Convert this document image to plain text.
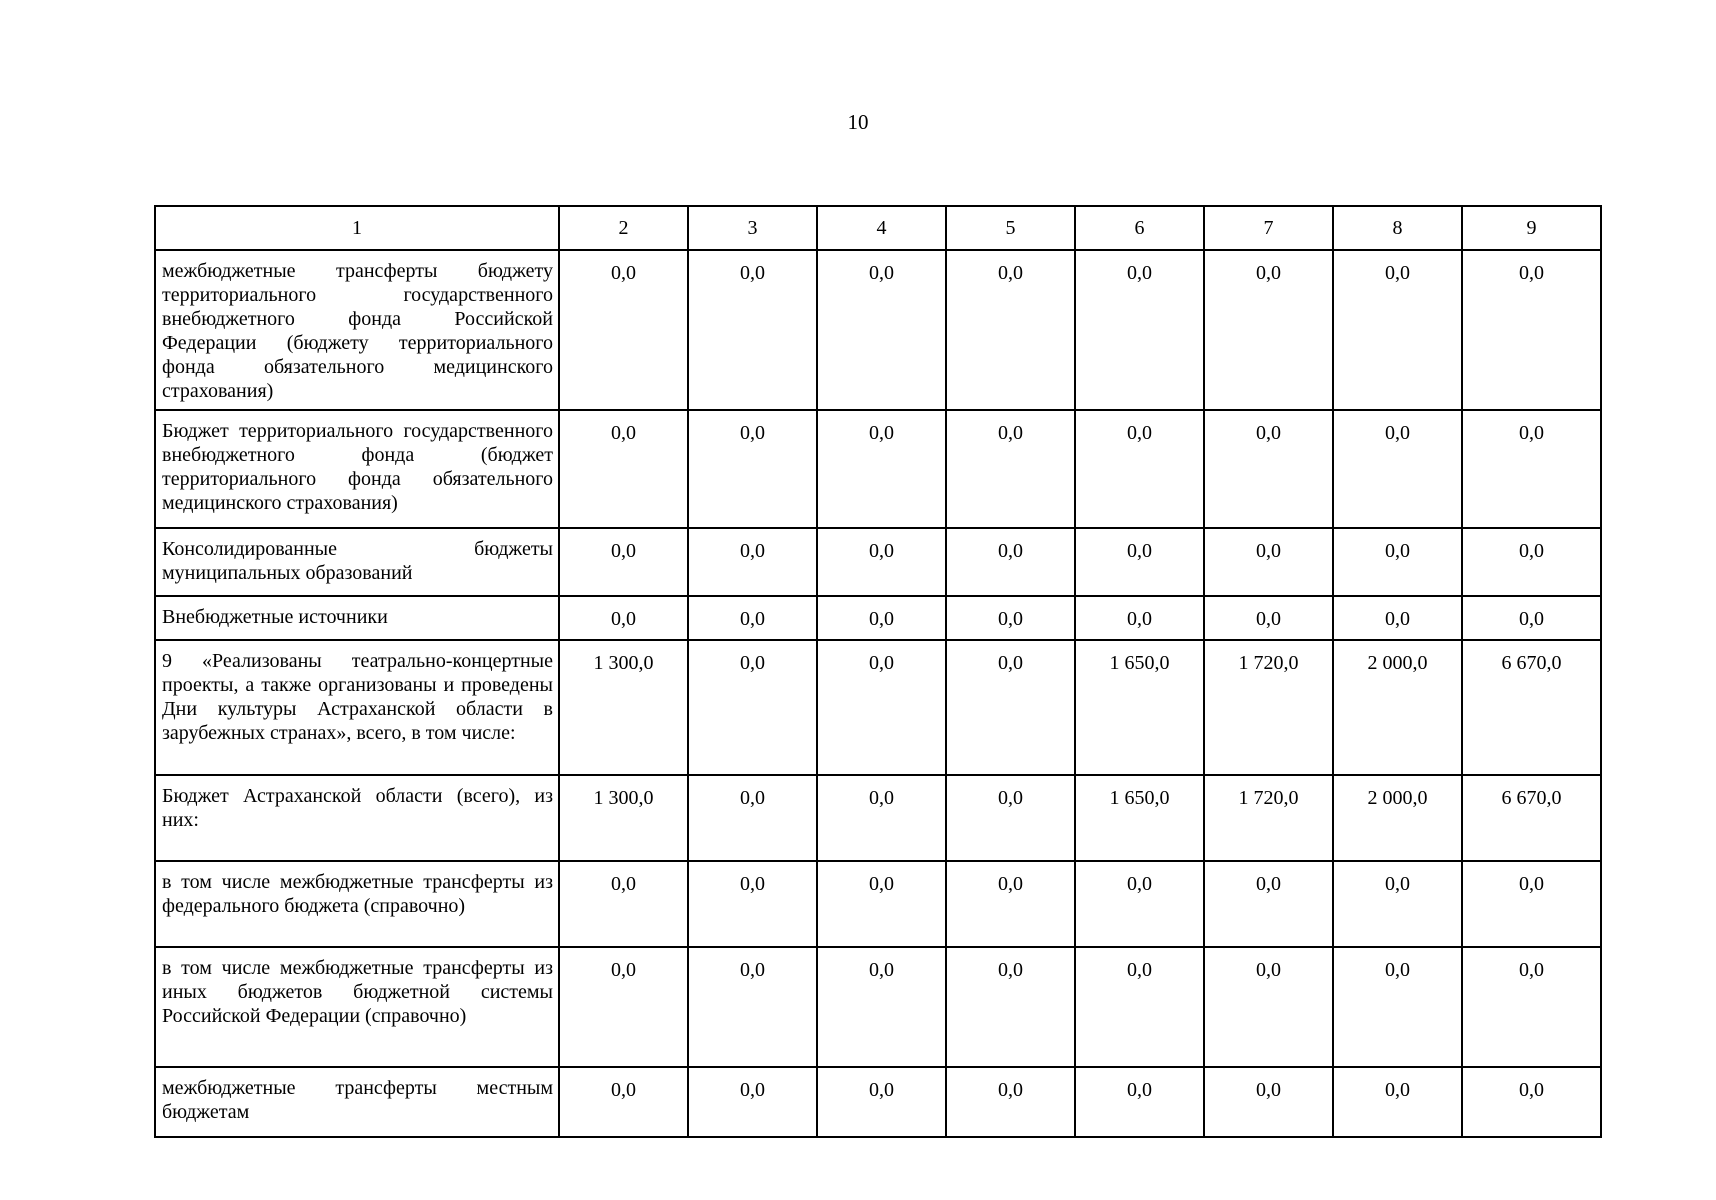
10
1	2	3	4	5	6	7	8	9
межбюджетные трансферты бюджету территориального государственного внебюджетного фонда Российской Федерации (бюджету территориального фонда обязательного медицинского страхования)	0,0	0,0	0,0	0,0	0,0	0,0	0,0	0,0
Бюджет территориального государственного внебюджетного фонда (бюджет территориального фонда обязательного медицинского страхования)	0,0	0,0	0,0	0,0	0,0	0,0	0,0	0,0
Консолидированные бюджеты муниципальных образований	0,0	0,0	0,0	0,0	0,0	0,0	0,0	0,0
Внебюджетные источники	0,0	0,0	0,0	0,0	0,0	0,0	0,0	0,0
9 «Реализованы театрально-концертные проекты, а также организованы и проведены Дни культуры Астраханской области в зарубежных странах», всего, в том числе:	1 300,0	0,0	0,0	0,0	1 650,0	1 720,0	2 000,0	6 670,0
Бюджет Астраханской области (всего), из них:	1 300,0	0,0	0,0	0,0	1 650,0	1 720,0	2 000,0	6 670,0
в том числе межбюджетные трансферты из федерального бюджета (справочно)	0,0	0,0	0,0	0,0	0,0	0,0	0,0	0,0
в том числе межбюджетные трансферты из иных бюджетов бюджетной системы Российской Федерации (справочно)	0,0	0,0	0,0	0,0	0,0	0,0	0,0	0,0
межбюджетные трансферты местным бюджетам	0,0	0,0	0,0	0,0	0,0	0,0	0,0	0,0
